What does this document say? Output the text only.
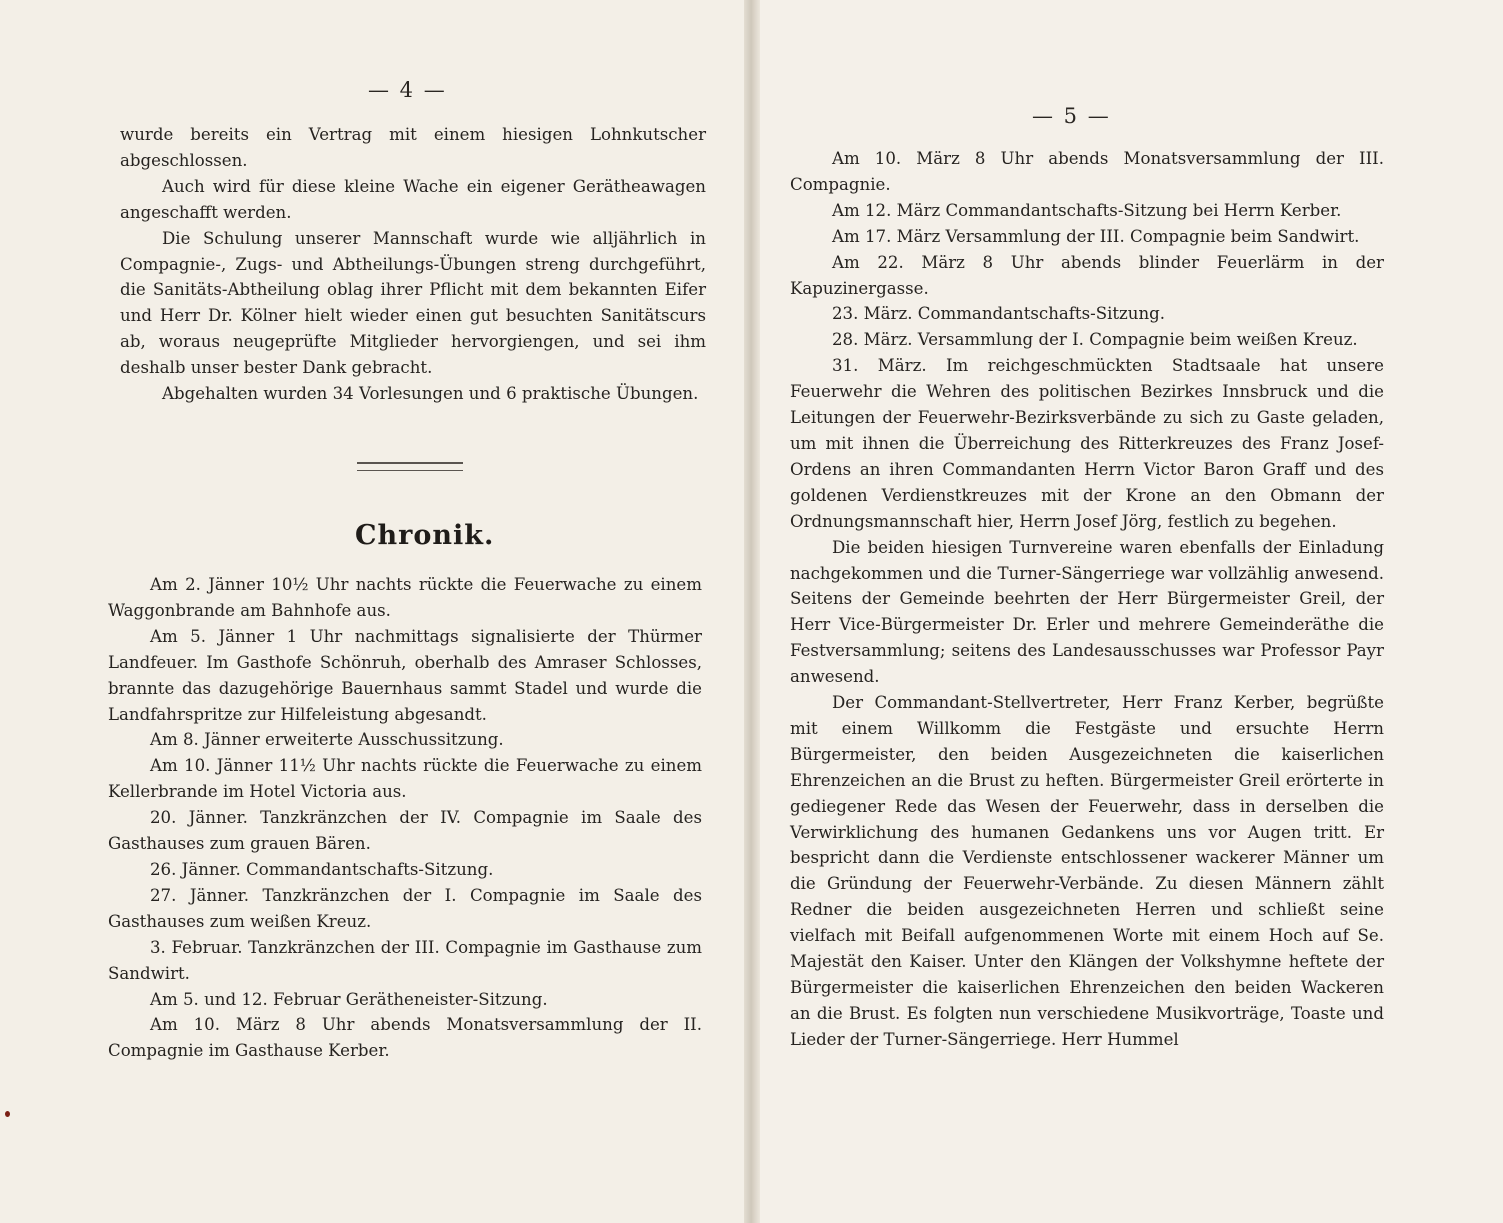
— 4 —

wurde bereits ein Vertrag mit einem hiesigen Lohnkutscher abgeschlossen.

Auch wird für diese kleine Wache ein eigener Gerätheawagen angeschafft werden.

Die Schulung unserer Mannschaft wurde wie alljährlich in Compagnie-, Zugs- und Abtheilungs-Übungen streng durchgeführt, die Sanitäts-Abtheilung oblag ihrer Pflicht mit dem bekannten Eifer und Herr Dr. Kölner hielt wieder einen gut besuchten Sanitätscurs ab, woraus neugeprüfte Mitglieder hervorgiengen, und sei ihm deshalb unser bester Dank gebracht.

Abgehalten wurden 34 Vorlesungen und 6 praktische Übungen.

Chronik.

Am 2. Jänner 10½ Uhr nachts rückte die Feuerwache zu einem Waggonbrande am Bahnhofe aus.

Am 5. Jänner 1 Uhr nachmittags signalisierte der Thürmer Landfeuer. Im Gasthofe Schönruh, oberhalb des Amraser Schlosses, brannte das dazugehörige Bauernhaus sammt Stadel und wurde die Landfahrspritze zur Hilfeleistung abgesandt.

Am 8. Jänner erweiterte Ausschussitzung.

Am 10. Jänner 11½ Uhr nachts rückte die Feuerwache zu einem Kellerbrande im Hotel Victoria aus.

20. Jänner. Tanzkränzchen der IV. Compagnie im Saale des Gasthauses zum grauen Bären.

26. Jänner. Commandantschafts-Sitzung.

27. Jänner. Tanzkränzchen der I. Compagnie im Saale des Gasthauses zum weißen Kreuz.

3. Februar. Tanzkränzchen der III. Compagnie im Gasthause zum Sandwirt.

Am 5. und 12. Februar Gerätheneister-Sitzung.

Am 10. März 8 Uhr abends Monatsversammlung der II. Compagnie im Gasthause Kerber.

— 5 —

Am 10. März 8 Uhr abends Monatsversammlung der III. Compagnie.

Am 12. März Commandantschafts-Sitzung bei Herrn Kerber.

Am 17. März Versammlung der III. Compagnie beim Sandwirt.

Am 22. März 8 Uhr abends blinder Feuerlärm in der Kapuzinergasse.

23. März. Commandantschafts-Sitzung.

28. März. Versammlung der I. Compagnie beim weißen Kreuz.

31. März. Im reichgeschmückten Stadtsaale hat unsere Feuerwehr die Wehren des politischen Bezirkes Innsbruck und die Leitungen der Feuerwehr-Bezirksverbände zu sich zu Gaste geladen, um mit ihnen die Überreichung des Ritterkreuzes des Franz Josef-Ordens an ihren Commandanten Herrn Victor Baron Graff und des goldenen Verdienstkreuzes mit der Krone an den Obmann der Ordnungsmannschaft hier, Herrn Josef Jörg, festlich zu begehen.

Die beiden hiesigen Turnvereine waren ebenfalls der Einladung nachgekommen und die Turner-Sängerriege war vollzählig anwesend. Seitens der Gemeinde beehrten der Herr Bürgermeister Greil, der Herr Vice-Bürgermeister Dr. Erler und mehrere Gemeinderäthe die Festversammlung; seitens des Landesausschusses war Professor Payr anwesend.

Der Commandant-Stellvertreter, Herr Franz Kerber, begrüßte mit einem Willkomm die Festgäste und ersuchte Herrn Bürgermeister, den beiden Ausgezeichneten die kaiserlichen Ehrenzeichen an die Brust zu heften. Bürgermeister Greil erörterte in gediegener Rede das Wesen der Feuerwehr, dass in derselben die Verwirklichung des humanen Gedankens uns vor Augen tritt. Er bespricht dann die Verdienste entschlossener wackerer Männer um die Gründung der Feuerwehr-Verbände. Zu diesen Männern zählt Redner die beiden ausgezeichneten Herren und schließt seine vielfach mit Beifall aufgenommenen Worte mit einem Hoch auf Se. Majestät den Kaiser. Unter den Klängen der Volkshymne heftete der Bürgermeister die kaiserlichen Ehrenzeichen den beiden Wackeren an die Brust. Es folgten nun verschiedene Musikvorträge, Toaste und Lieder der Turner-Sängerriege. Herr Hummel
